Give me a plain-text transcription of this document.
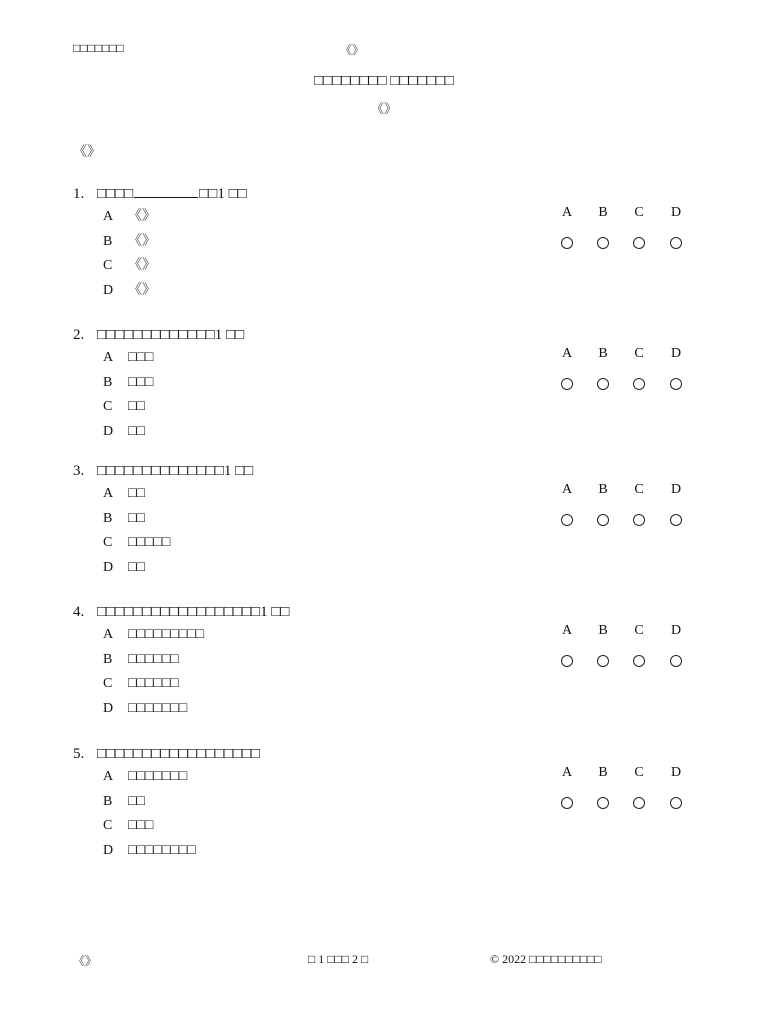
□□□□□□□	《》
□□□□□□□□ □□□□□□□
《》
《》
1. □□□□	□□1 □□
A 《》
B 《》
C 《》
D 《》
A	B	C	D
2. □□□□□□□□□□□□□1 □□
A □□□
B □□□
C □□
D □□
A	B	C	D
3. □□□□□□□□□□□□□□1 □□
A □□
B □□
C □□□□□
D □□
A	B	C	D
4. □□□□□□□□□□□□□□□□□□1 □□
A □□□□□□□□□
B □□□□□□
C □□□□□□
D □□□□□□□
A	B	C	D
5. □□□□□□□□□□□□□□□□□□
A □□□□□□□
B □□
C □□□
D □□□□□□□□
A	B	C	D
《》	□ 1 □□□ 2 □	© 2022 □□□□□□□□□□
